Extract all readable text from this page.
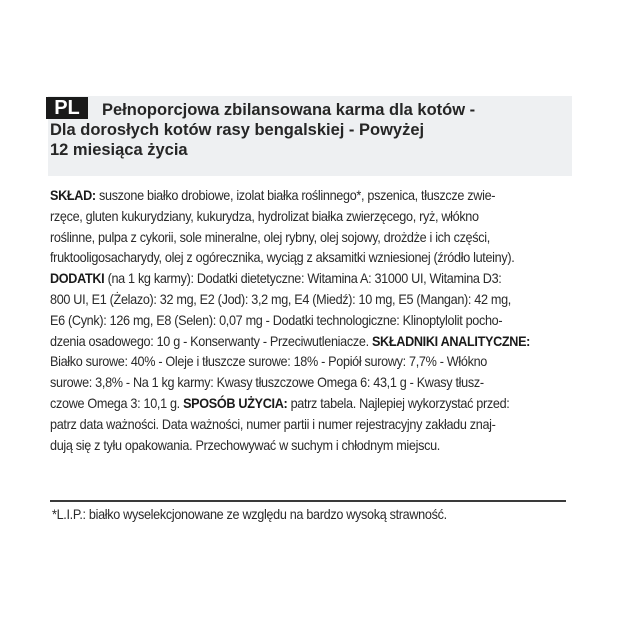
PL	Pełnoporcjowa zbilansowana karma dla kotów -
Dla dorosłych kotów rasy bengalskiej - Powyżej
12 miesiąca życia
SKŁAD: suszone białko drobiowe, izolat białka roślinnego*, pszenica, tłuszcze zwie-
rzęce, gluten kukurydziany, kukurydza, hydrolizat białka zwierzęcego, ryż, włókno
roślinne, pulpa z cykorii, sole mineralne, olej rybny, olej sojowy, drożdże i ich części,
fruktooligosacharydy, olej z ogórecznika, wyciąg z aksamitki wzniesionej (źródło luteiny).
DODATKI (na 1 kg karmy): Dodatki dietetyczne: Witamina A: 31000 UI, Witamina D3:
800 UI, E1 (Żelazo): 32 mg, E2 (Jod): 3,2 mg, E4 (Miedź): 10 mg, E5 (Mangan): 42 mg,
E6 (Cynk): 126 mg, E8 (Selen): 0,07 mg - Dodatki technologiczne: Klinoptylolit pocho-
dzenia osadowego: 10 g - Konserwanty - Przeciwutleniacze. SKŁADNIKI ANALITYCZNE:
Białko surowe: 40% - Oleje i tłuszcze surowe: 18% - Popiół surowy: 7,7% - Włókno
surowe: 3,8% - Na 1 kg karmy: Kwasy tłuszczowe Omega 6: 43,1 g - Kwasy tłusz-
czowe Omega 3: 10,1 g. SPOSÓB UŻYCIA: patrz tabela. Najlepiej wykorzystać przed:
patrz data ważności. Data ważności, numer partii i numer rejestracyjny zakładu znaj-
dują się z tyłu opakowania. Przechowywać w suchym i chłodnym miejscu.
*L.I.P.: białko wyselekcjonowane ze względu na bardzo wysoką strawność.
